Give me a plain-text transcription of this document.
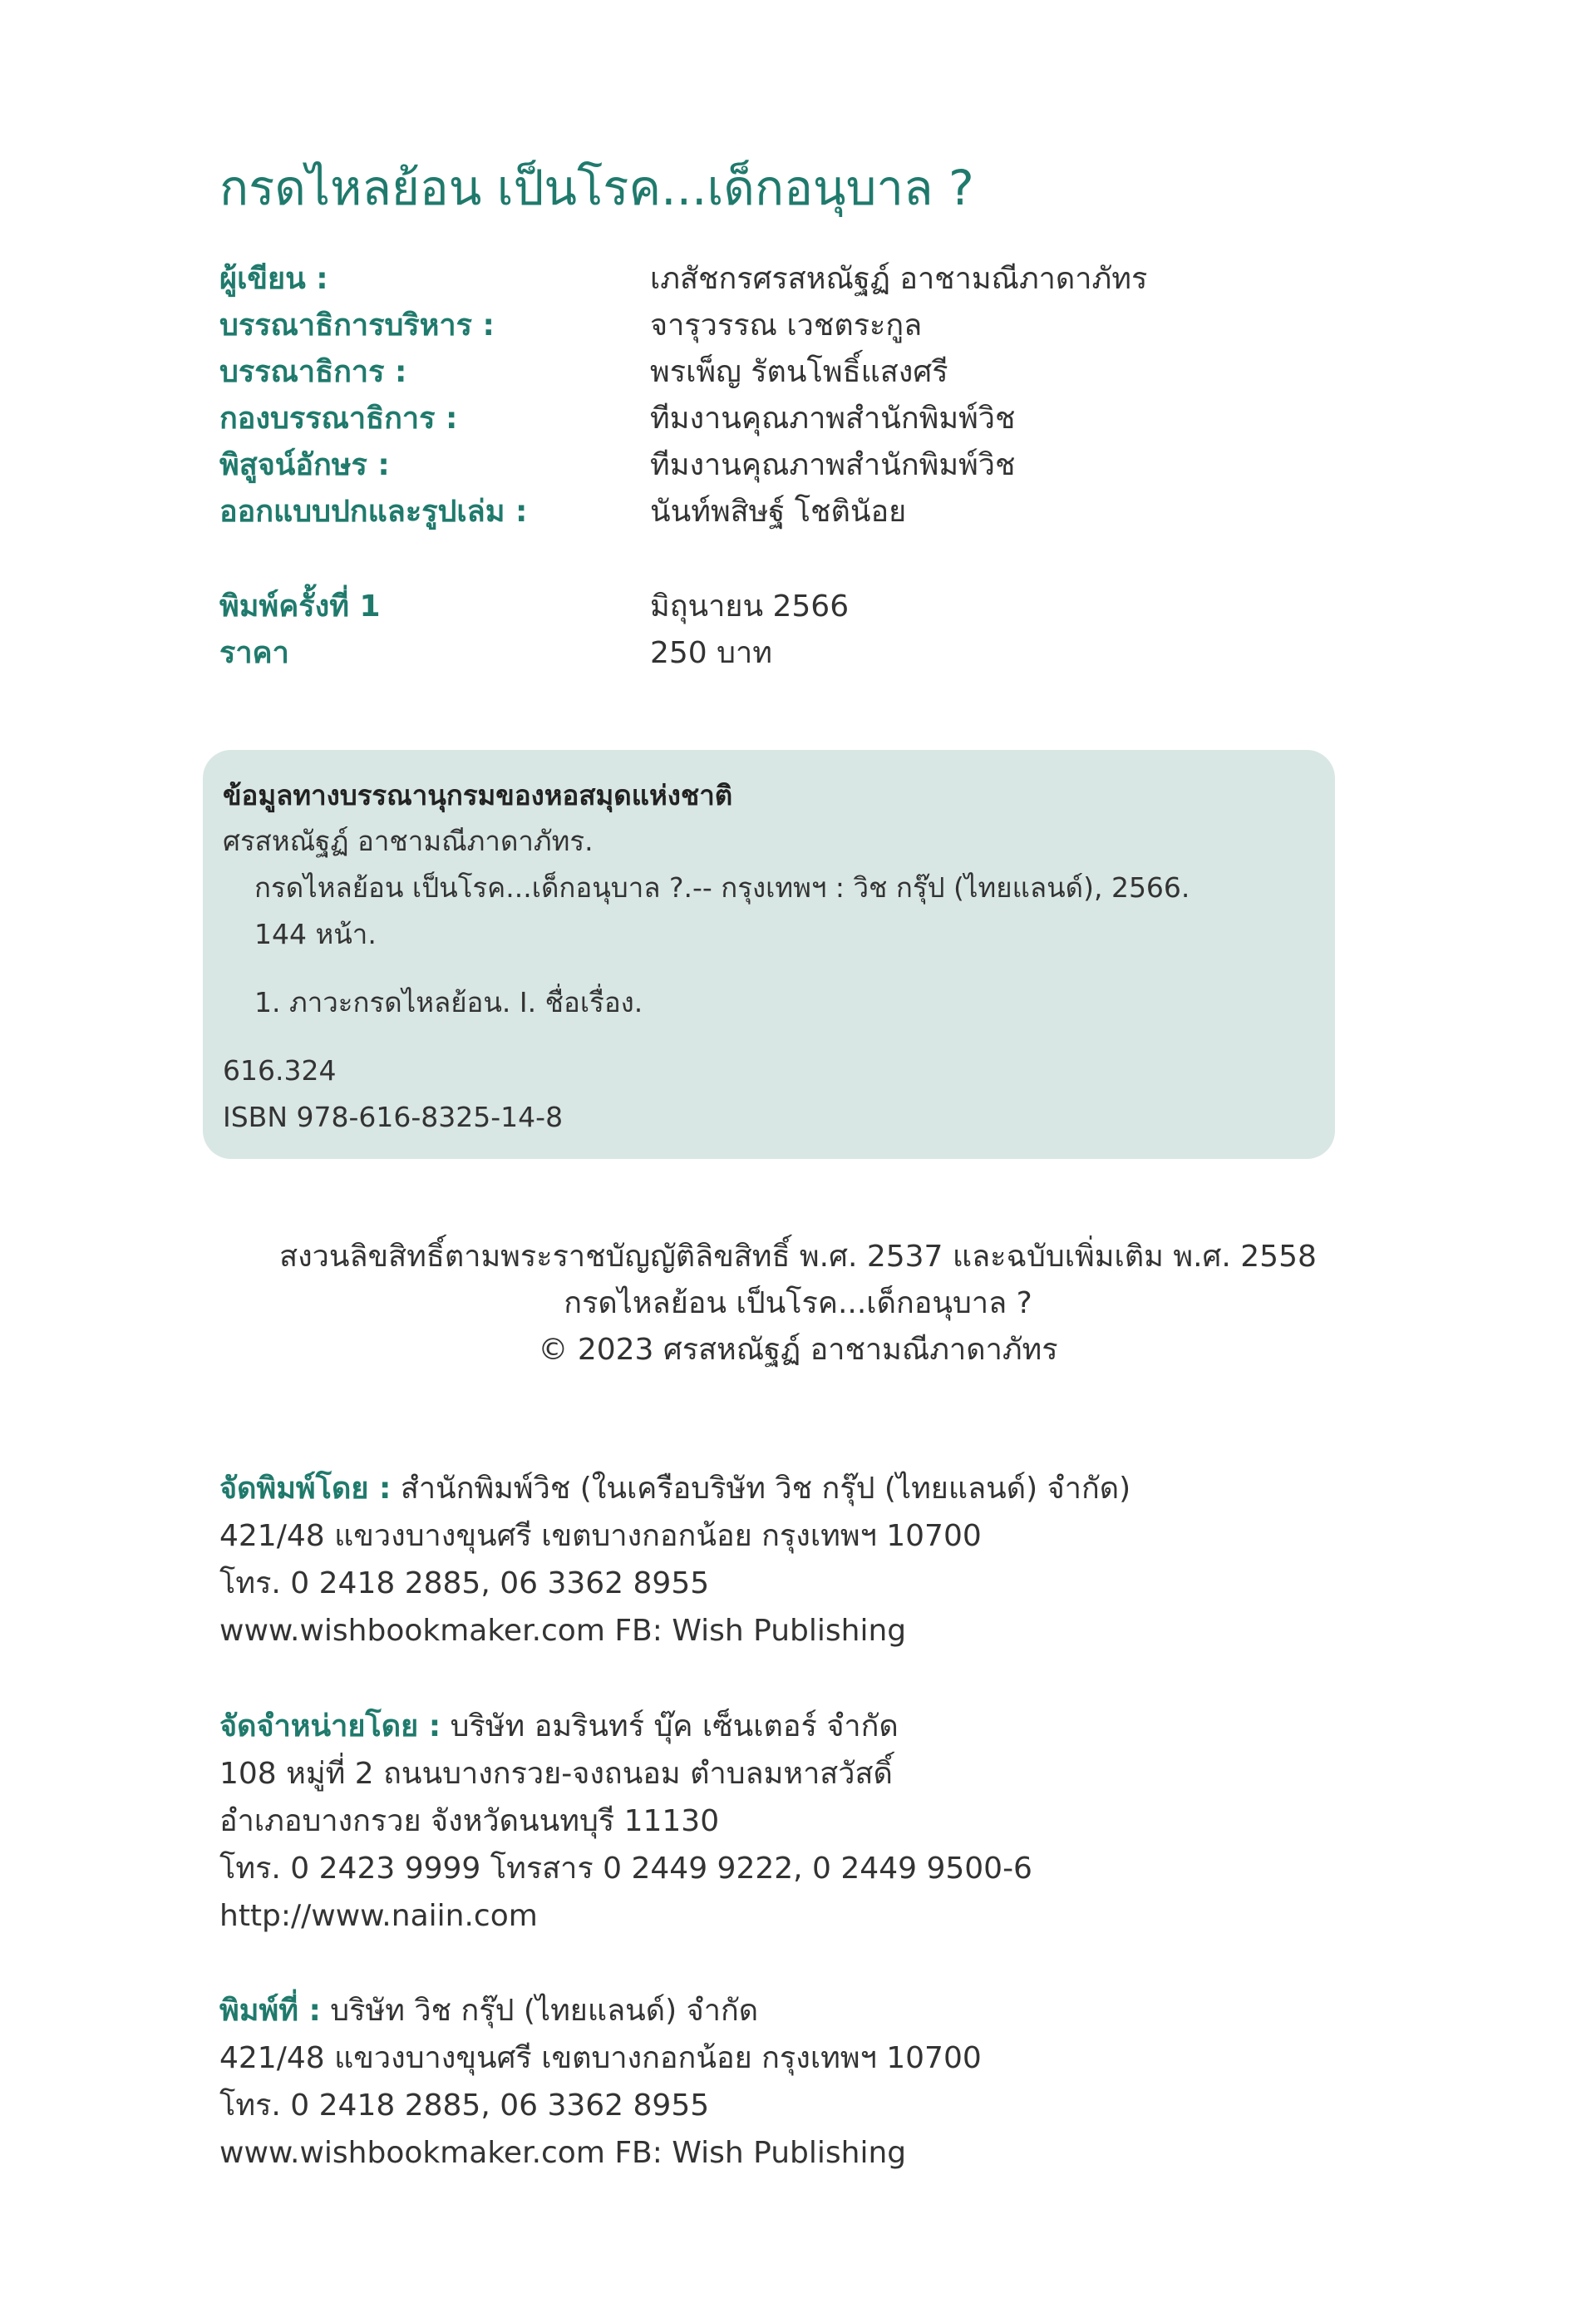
กรดไหลย้อน เป็นโรค...เด็กอนุบาล ?
ผู้เขียน :	เภสัชกรศรสหณัฐฏ์ อาชามณีภาดาภัทร
บรรณาธิการบริหาร :	จารุวรรณ เวชตระกูล
บรรณาธิการ :	พรเพ็ญ รัตนโพธิ์แสงศรี
กองบรรณาธิการ :	ทีมงานคุณภาพสำนักพิมพ์วิช
พิสูจน์อักษร :	ทีมงานคุณภาพสำนักพิมพ์วิช
ออกแบบปกและรูปเล่ม :	นันท์พสิษฐ์ โชตินัอย
พิมพ์ครั้งที่ 1	มิถุนายน 2566
ราคา	250 บาท
ข้อมูลทางบรรณานุกรมของหอสมุดแห่งชาติ
ศรสหณัฐฏ์ อาชามณีภาดาภัทร.
กรดไหลย้อน เป็นโรค...เด็กอนุบาล ?.-- กรุงเทพฯ : วิช กรุ๊ป (ไทยแลนด์), 2566.
144 หน้า.
1. ภาวะกรดไหลย้อน. I. ชื่อเรื่อง.
616.324
ISBN 978-616-8325-14-8
สงวนลิขสิทธิ์ตามพระราชบัญญัติลิขสิทธิ์ พ.ศ. 2537 และฉบับเพิ่มเติม พ.ศ. 2558
กรดไหลย้อน เป็นโรค...เด็กอนุบาล ?
© 2023 ศรสหณัฐฏ์ อาชามณีภาดาภัทร
จัดพิมพ์โดย : สำนักพิมพ์วิช (ในเครือบริษัท วิช กรุ๊ป (ไทยแลนด์) จำกัด)
421/48 แขวงบางขุนศรี เขตบางกอกน้อย กรุงเทพฯ 10700
โทร. 0 2418 2885, 06 3362 8955
www.wishbookmaker.com FB: Wish Publishing
จัดจำหน่ายโดย : บริษัท อมรินทร์ บุ๊ค เซ็นเตอร์ จำกัด
108 หมู่ที่ 2 ถนนบางกรวย-จงถนอม ตำบลมหาสวัสดิ์
อำเภอบางกรวย จังหวัดนนทบุรี 11130
โทร. 0 2423 9999 โทรสาร 0 2449 9222, 0 2449 9500-6
http://www.naiin.com
พิมพ์ที่ : บริษัท วิช กรุ๊ป (ไทยแลนด์) จำกัด
421/48 แขวงบางขุนศรี เขตบางกอกน้อย กรุงเทพฯ 10700
โทร. 0 2418 2885, 06 3362 8955
www.wishbookmaker.com FB: Wish Publishing
